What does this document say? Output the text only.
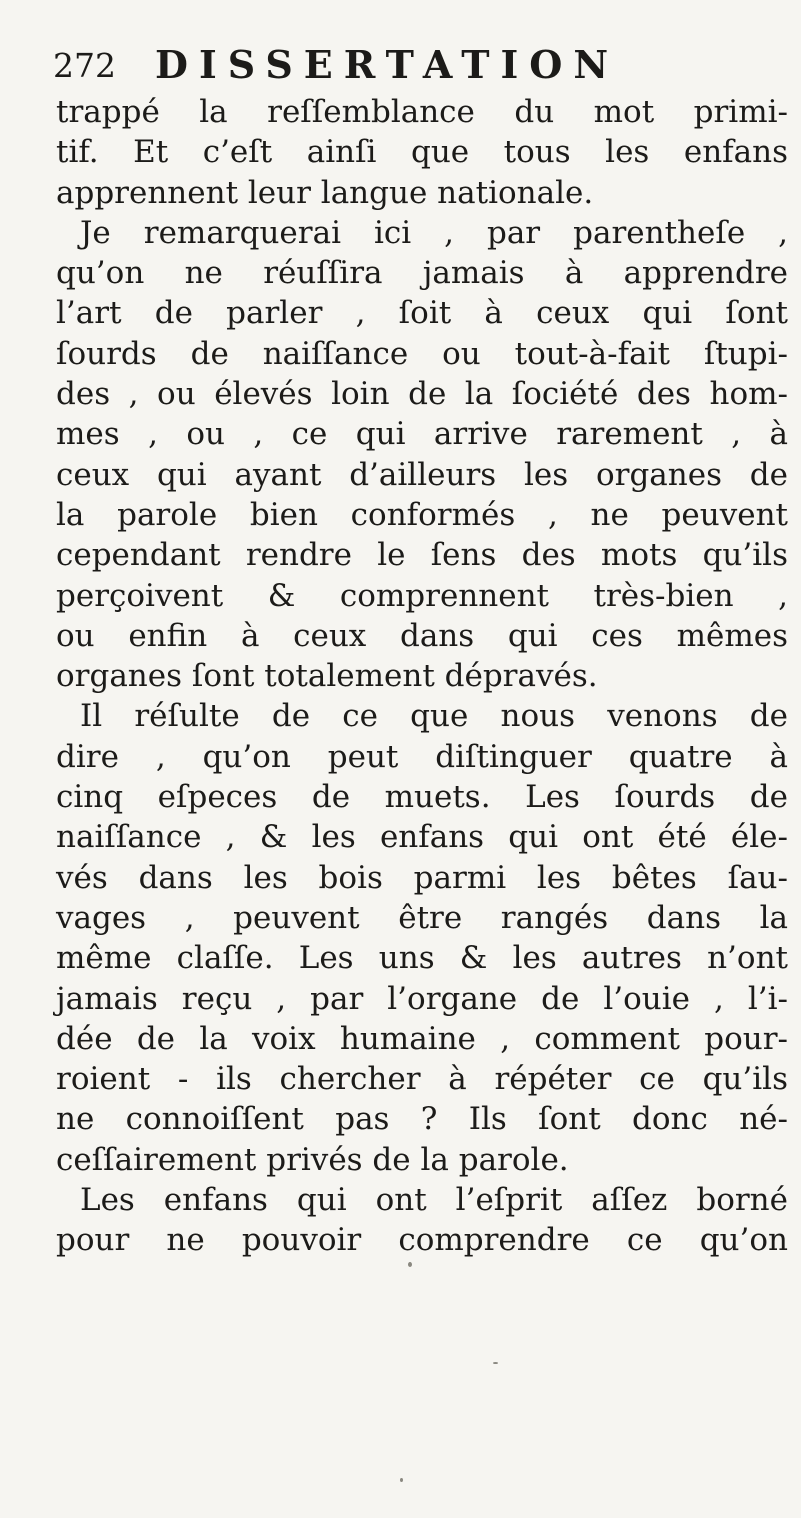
272 DISSERTATION
trappé la reſſemblance du mot primi-
tif. Et c’eſt ainſi que tous les enfans
apprennent leur langue nationale.
Je remarquerai ici , par parentheſe ,
qu’on ne réuſſira jamais à apprendre
l’art de parler , ſoit à ceux qui ſont
ſourds de naiſſance ou tout-à-fait ſtupi-
des , ou élevés loin de la ſociété des hom-
mes , ou , ce qui arrive rarement , à
ceux qui ayant d’ailleurs les organes de
la parole bien conformés , ne peuvent
cependant rendre le ſens des mots qu’ils
perçoivent & comprennent très-bien ,
ou enfin à ceux dans qui ces mêmes
organes ſont totalement dépravés.
Il réſulte de ce que nous venons de
dire , qu’on peut diſtinguer quatre à
cinq eſpeces de muets. Les ſourds de
naiſſance , & les enfans qui ont été éle-
vés dans les bois parmi les bêtes ſau-
vages , peuvent être rangés dans la
même claſſe. Les uns & les autres n’ont
jamais reçu , par l’organe de l’ouie , l’i-
dée de la voix humaine , comment pour-
roient - ils chercher à répéter ce qu’ils
ne connoiſſent pas ? Ils ſont donc né-
ceſſairement privés de la parole.
Les enfans qui ont l’eſprit aſſez borné
pour ne pouvoir comprendre ce qu’on
